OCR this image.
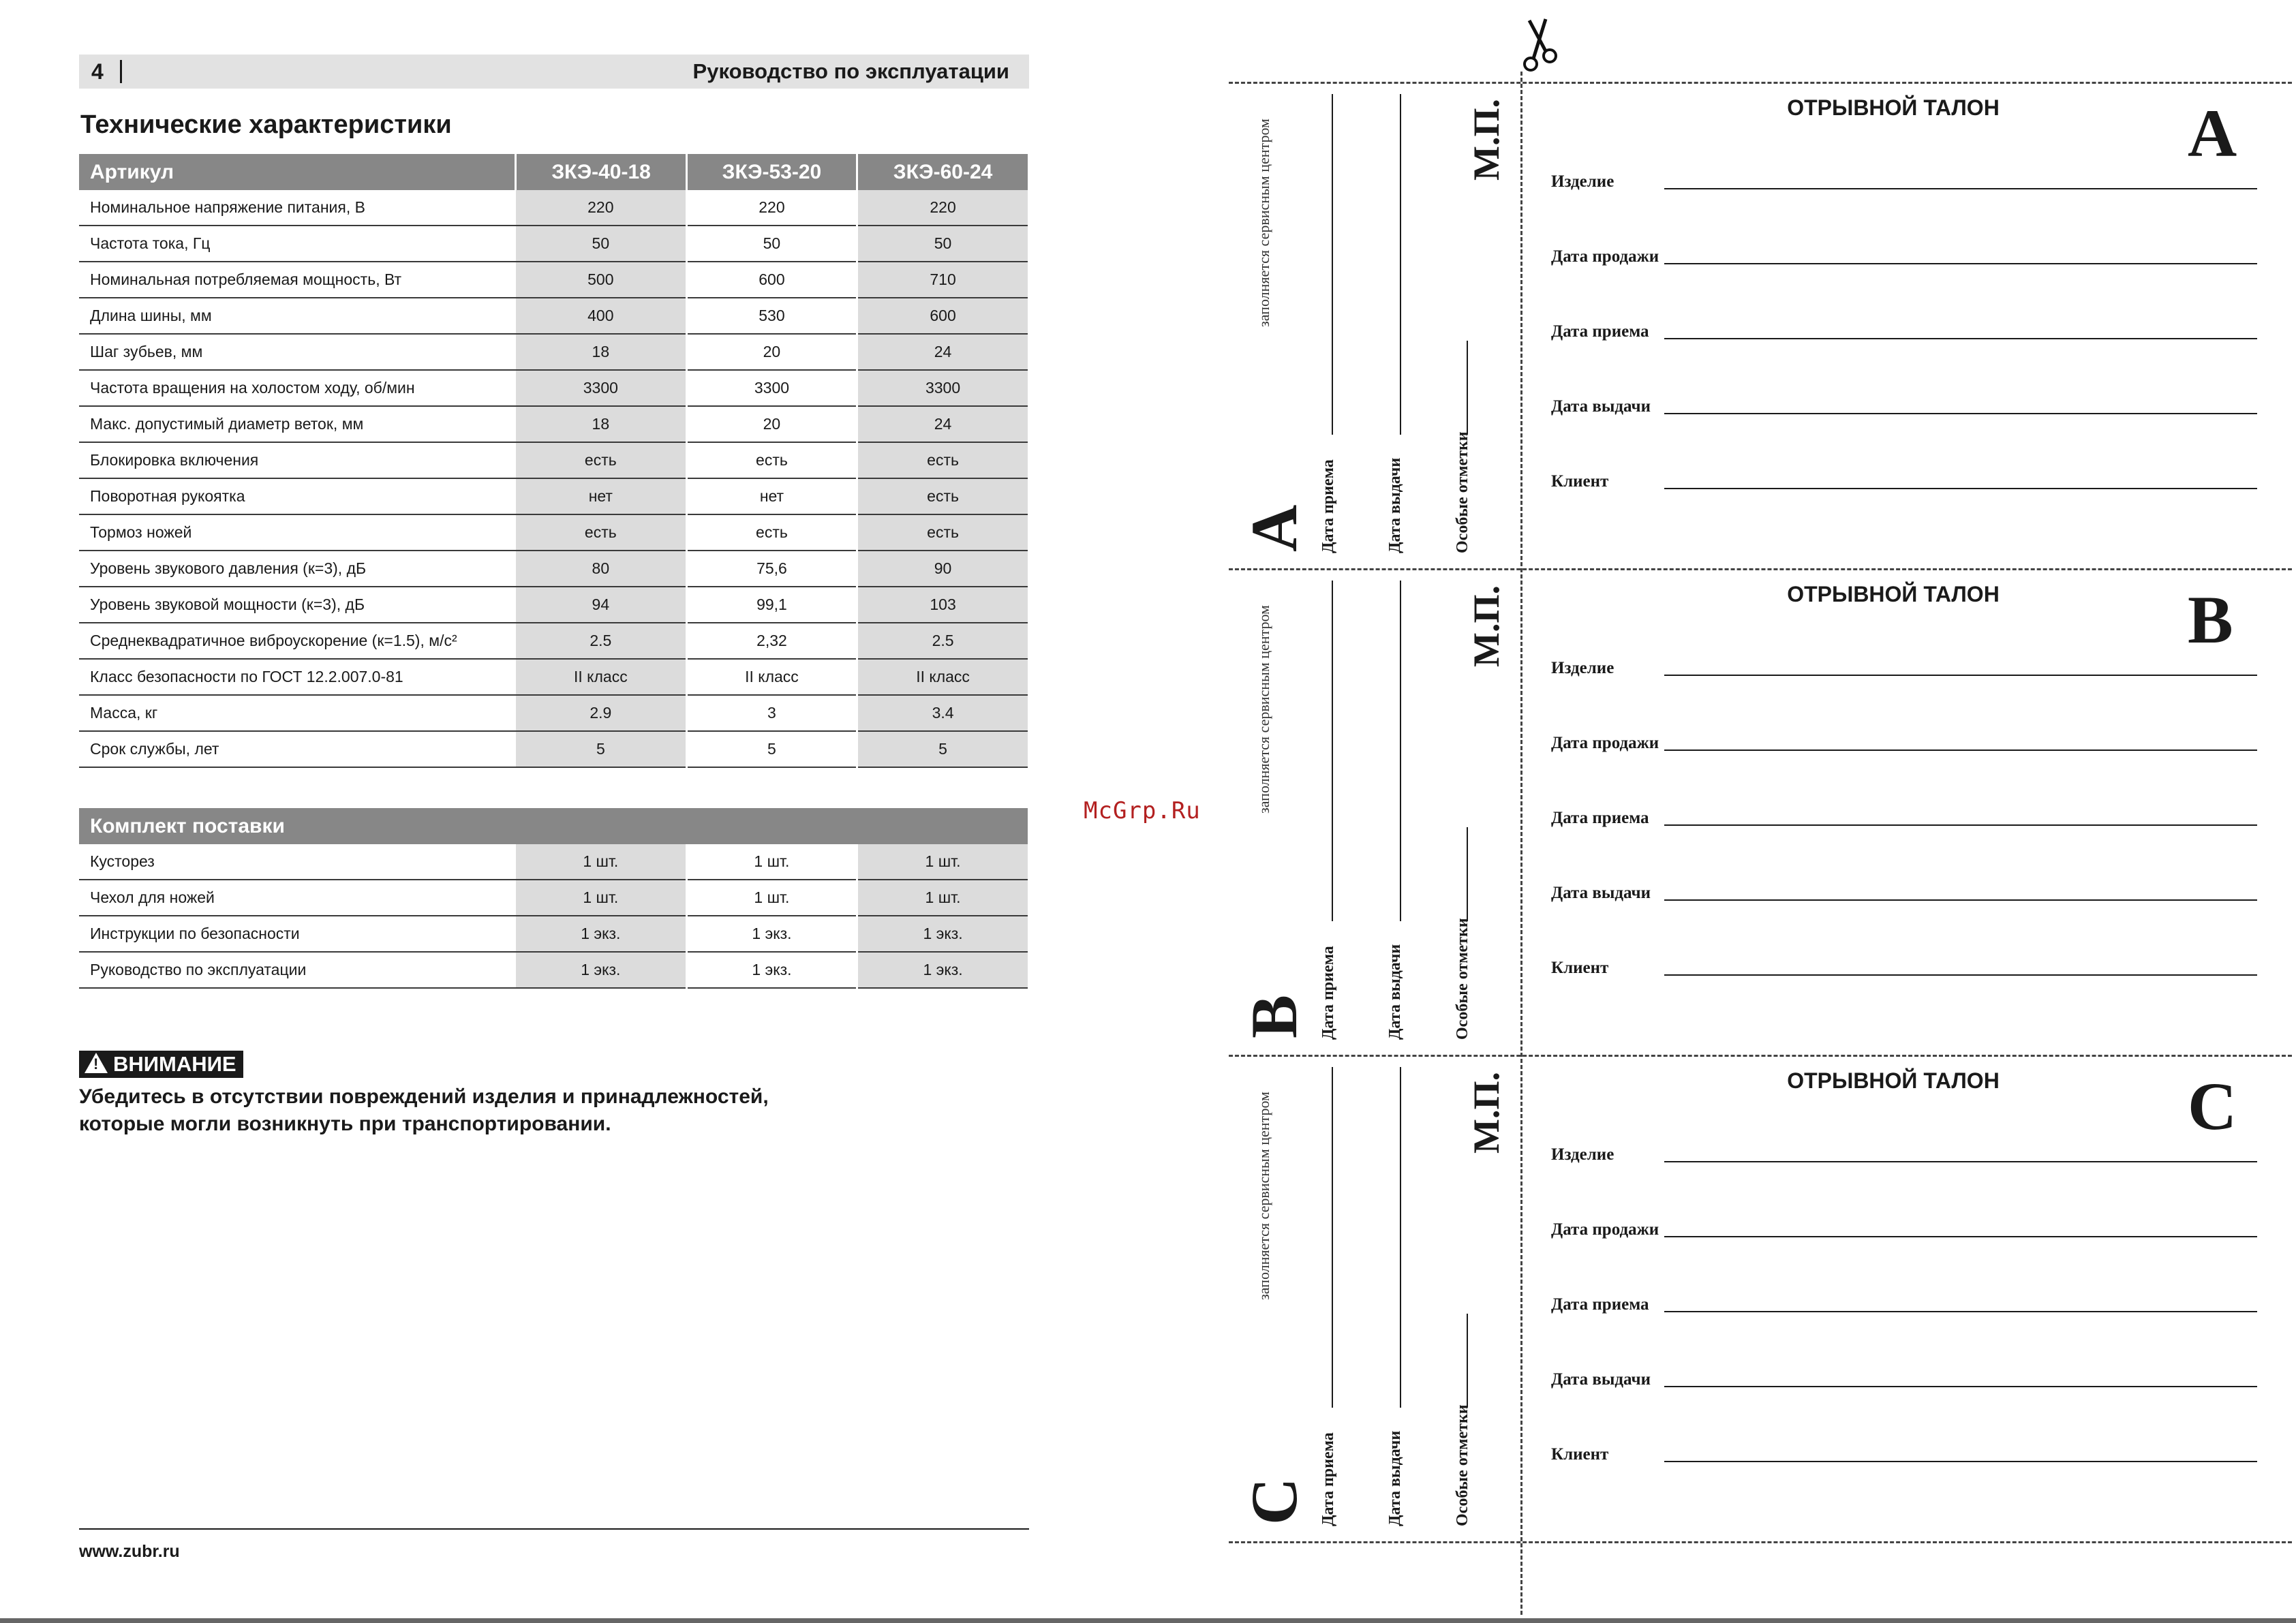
4	Руководство по эксплуатации
Технические характеристики
Артикул	ЗКЭ-40-18	ЗКЭ-53-20	ЗКЭ-60-24
Номинальное напряжение питания, В	220	220	220
Частота тока, Гц	50	50	50
Номинальная потребляемая мощность, Вт	500	600	710
Длина шины, мм	400	530	600
Шаг зубьев, мм	18	20	24
Частота вращения на холостом ходу, об/мин	3300	3300	3300
Макс. допустимый диаметр веток, мм	18	20	24
Блокировка включения	есть	есть	есть
Поворотная рукоятка	нет	нет	есть
Тормоз ножей	есть	есть	есть
Уровень звукового давления (к=3), дБ	80	75,6	90
Уровень звуковой мощности (к=3), дБ	94	99,1	103
Среднеквадратичное виброускорение (к=1.5), м/с²	2.5	2,32	2.5
Класс безопасности по ГОСТ 12.2.007.0-81	II класс	II класс	II класс
Масса, кг	2.9	3	3.4
Срок службы, лет	5	5	5
Комплект поставки			
Кусторез	1 шт.	1 шт.	1 шт.
Чехол для ножей	1 шт.	1 шт.	1 шт.
Инструкции по безопасности	1 экз.	1 экз.	1 экз.
Руководство по эксплуатации	1 экз.	1 экз.	1 экз.
!ВНИМАНИЕ
Убедитесь в отсутствии повреждений изделия и принадлежностей,
которые могли возникнуть при транспортировании.
www.zubr.ru
McGrp.Ru
заполняется сервисным центром	М.П.
A Дата приема	Дата выдачи	Особые отметки
ОТРЫВНОЙ ТАЛОН	A
Изделие
Дата продажи
Дата приема
Дата выдачи
Клиент
заполняется сервисным центром	М.П.
B Дата приема	Дата выдачи	Особые отметки
ОТРЫВНОЙ ТАЛОН	B
Изделие
Дата продажи
Дата приема
Дата выдачи
Клиент
заполняется сервисным центром	М.П.
C Дата приема	Дата выдачи	Особые отметки
ОТРЫВНОЙ ТАЛОН	C
Изделие
Дата продажи
Дата приема
Дата выдачи
Клиент
